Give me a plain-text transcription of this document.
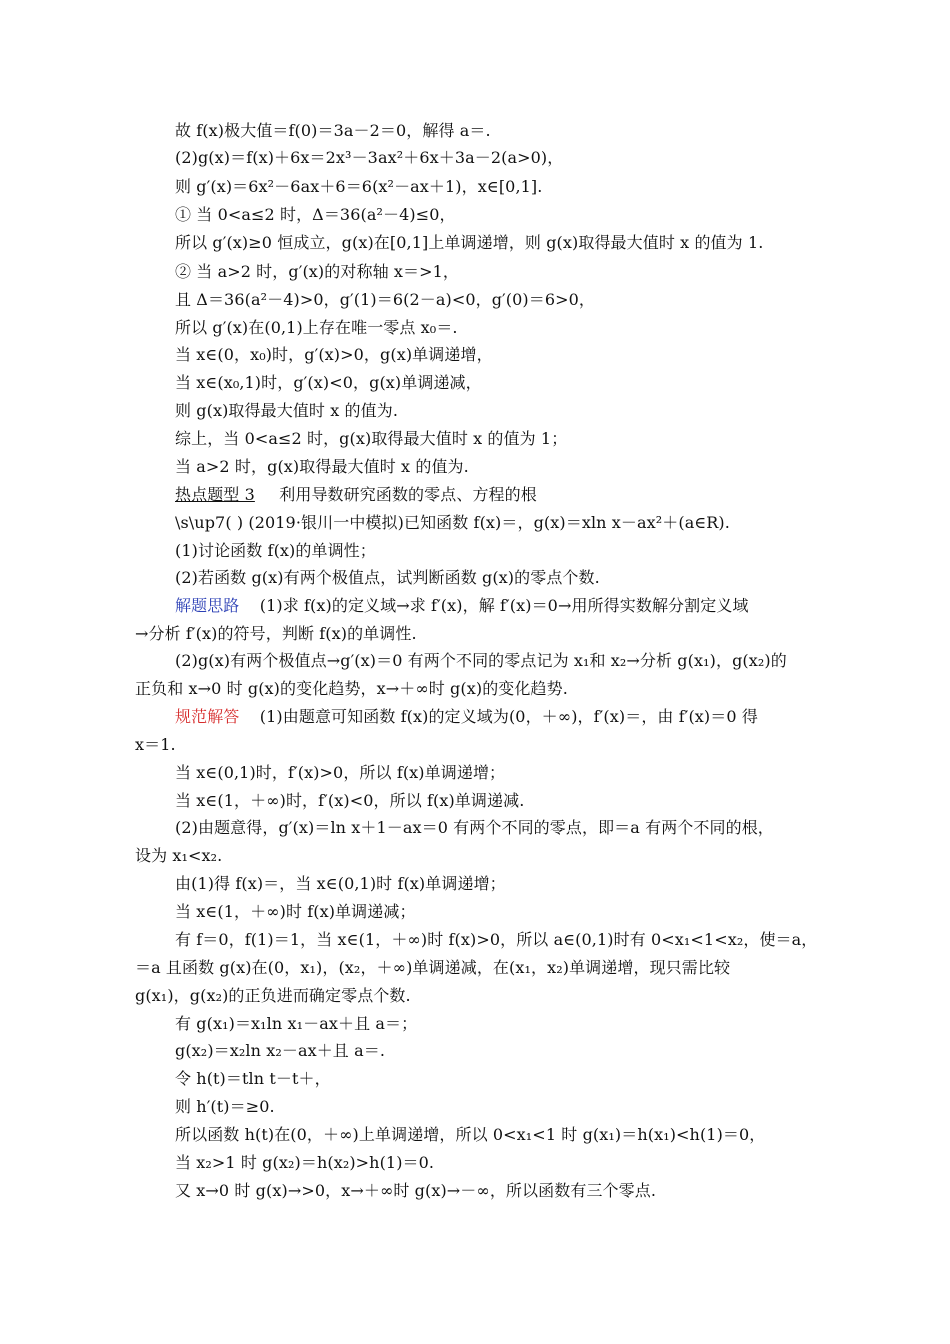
故 f(x)极大值＝f(0)＝3a－2＝0，解得 a＝.
(2)g(x)＝f(x)＋6x＝2x³－3ax²＋6x＋3a－2(a>0)，
则 g′(x)＝6x²－6ax＋6＝6(x²－ax＋1)，x∈[0,1].
① 当 0<a≤2 时，Δ＝36(a²－4)≤0，
所以 g′(x)≥0 恒成立，g(x)在[0,1]上单调递增，则 g(x)取得最大值时 x 的值为 1.
② 当 a>2 时，g′(x)的对称轴 x＝>1，
且 Δ＝36(a²－4)>0，g′(1)＝6(2－a)<0，g′(0)＝6>0，
所以 g′(x)在(0,1)上存在唯一零点 x₀＝.
当 x∈(0，x₀)时，g′(x)>0，g(x)单调递增，
当 x∈(x₀,1)时，g′(x)<0，g(x)单调递减，
则 g(x)取得最大值时 x 的值为.
综上，当 0<a≤2 时，g(x)取得最大值时 x 的值为 1；
当 a>2 时，g(x)取得最大值时 x 的值为.
热点题型 3 利用导数研究函数的零点、方程的根
\s\up7( ) (2019·银川一中模拟)已知函数 f(x)＝，g(x)＝xln x－ax²＋(a∈R).
(1)讨论函数 f(x)的单调性；
(2)若函数 g(x)有两个极值点，试判断函数 g(x)的零点个数.
解题思路 (1)求 f(x)的定义域→求 f′(x)，解 f′(x)＝0→用所得实数解分割定义域
→分析 f′(x)的符号，判断 f(x)的单调性.
(2)g(x)有两个极值点→g′(x)＝0 有两个不同的零点记为 x₁和 x₂→分析 g(x₁)，g(x₂)的
正负和 x→0 时 g(x)的变化趋势，x→＋∞时 g(x)的变化趋势.
规范解答 (1)由题意可知函数 f(x)的定义域为(0，＋∞)，f′(x)＝，由 f′(x)＝0 得
x＝1.
当 x∈(0,1)时，f′(x)>0，所以 f(x)单调递增；
当 x∈(1，＋∞)时，f′(x)<0，所以 f(x)单调递减.
(2)由题意得，g′(x)＝ln x＋1－ax＝0 有两个不同的零点，即＝a 有两个不同的根，
设为 x₁<x₂.
由(1)得 f(x)＝，当 x∈(0,1)时 f(x)单调递增；
当 x∈(1，＋∞)时 f(x)单调递减；
有 f＝0，f(1)＝1，当 x∈(1，＋∞)时 f(x)>0，所以 a∈(0,1)时有 0<x₁<1<x₂，使＝a，
＝a 且函数 g(x)在(0，x₁)，(x₂，＋∞)单调递减，在(x₁，x₂)单调递增，现只需比较
g(x₁)，g(x₂)的正负进而确定零点个数.
有 g(x₁)＝x₁ln x₁－ax＋且 a＝；
g(x₂)＝x₂ln x₂－ax＋且 a＝.
令 h(t)＝tln t－t＋，
则 h′(t)＝≥0.
所以函数 h(t)在(0，＋∞)上单调递增，所以 0<x₁<1 时 g(x₁)＝h(x₁)<h(1)＝0，
当 x₂>1 时 g(x₂)＝h(x₂)>h(1)＝0.
又 x→0 时 g(x)→>0，x→＋∞时 g(x)→－∞，所以函数有三个零点.
